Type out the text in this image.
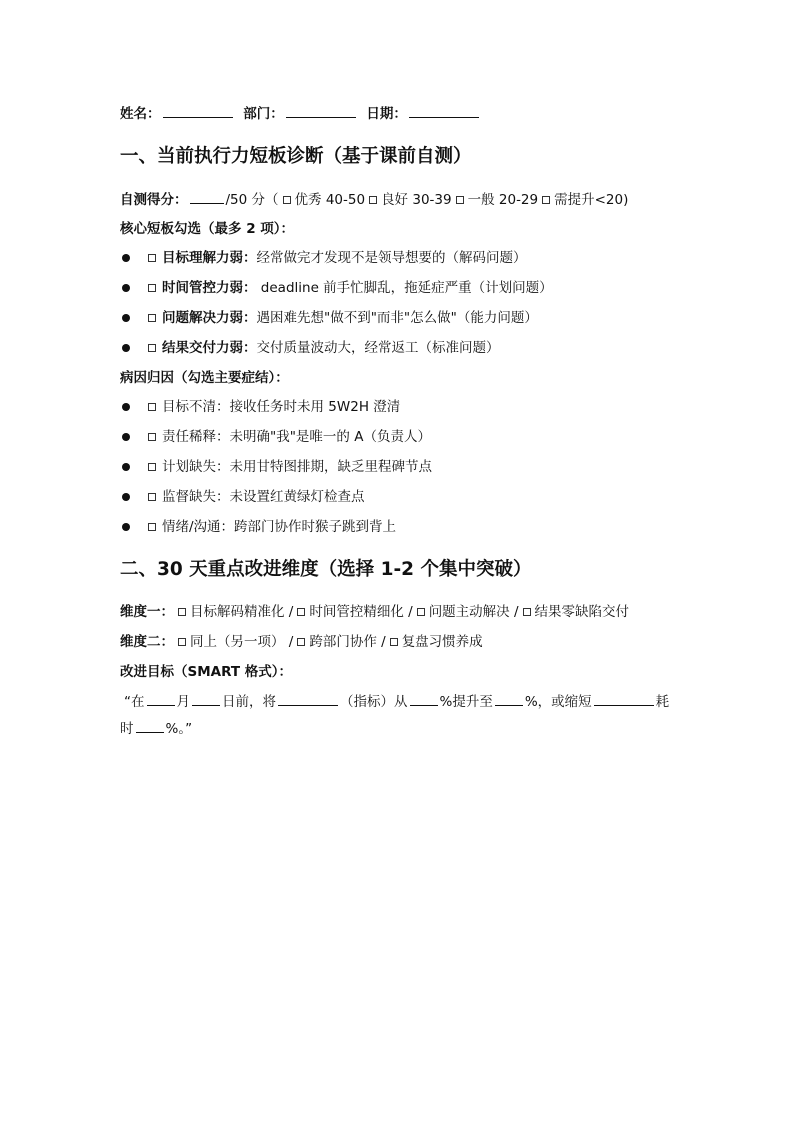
姓名：	部门：	日期：
一、当前执行力短板诊断（基于课前自测）
自测得分：	/50 分（ 优秀 40-50 良好 30-39 一般 20-29 需提升<20)
核心短板勾选（最多 2 项）：
目标理解力弱：经常做完才发现不是领导想要的（解码问题）
时间管控力弱： deadline 前手忙脚乱，拖延症严重（计划问题）
问题解决力弱：遇困难先想"做不到"而非"怎么做"（能力问题）
结果交付力弱：交付质量波动大，经常返工（标准问题）
病因归因（勾选主要症结）：
目标不清：接收任务时未用 5W2H 澄清
责任稀释：未明确"我"是唯一的 A（负责人）
计划缺失：未用甘特图排期，缺乏里程碑节点
监督缺失：未设置红黄绿灯检查点
情绪/沟通：跨部门协作时猴子跳到背上
二、30 天重点改进维度（选择 1-2 个集中突破）
维度一： 目标解码精准化 / 时间管控精细化 / 问题主动解决 / 结果零缺陷交付
维度二： 同上（另一项） / 跨部门协作 / 复盘习惯养成
改进目标（SMART 格式）：
“在 月 日前，将	（指标）从 %提升至 %，或缩短	耗
时 %。”
